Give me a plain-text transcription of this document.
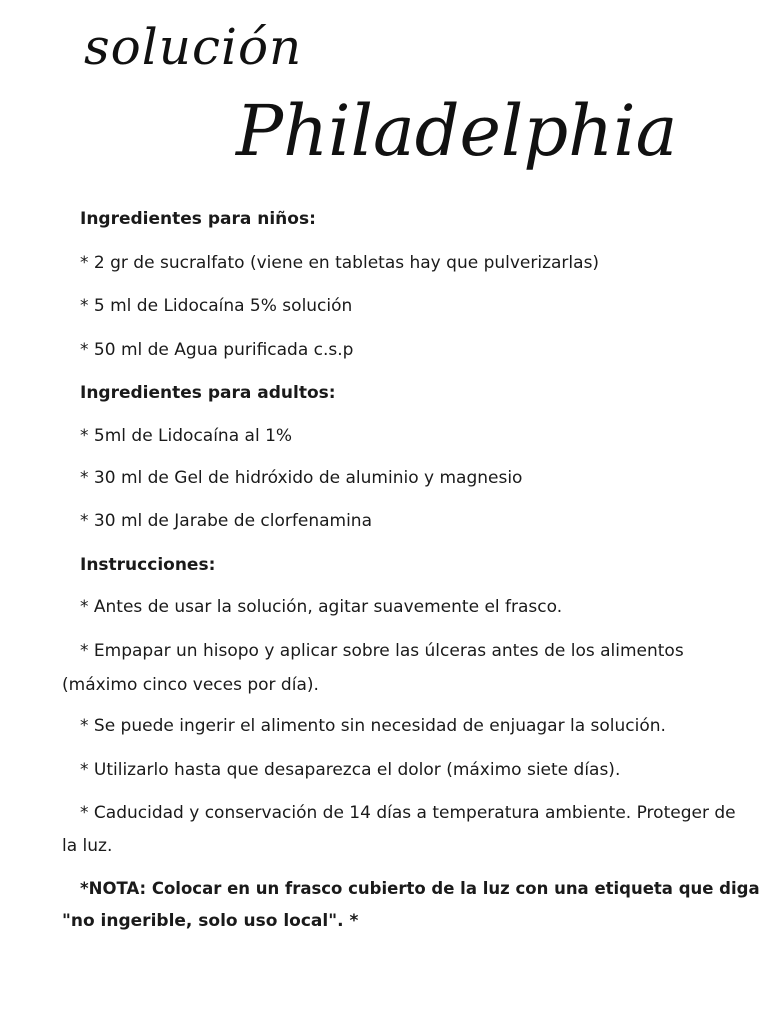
solución
Philadelphia
Ingredientes para niños:
* 2 gr de sucralfato (viene en tabletas hay que pulverizarlas)
* 5 ml de Lidocaína 5% solución
* 50 ml de Agua purificada c.s.p
Ingredientes para adultos:
* 5ml de Lidocaína al 1%
* 30 ml de Gel de hidróxido de aluminio y magnesio
* 30 ml de Jarabe de clorfenamina
Instrucciones:
* Antes de usar la solución, agitar suavemente el frasco.
* Empapar un hisopo y aplicar sobre las úlceras antes de los alimentos
(máximo cinco veces por día).
* Se puede ingerir el alimento sin necesidad de enjuagar la solución.
* Utilizarlo hasta que desaparezca el dolor (máximo siete días).
* Caducidad y conservación de 14 días a temperatura ambiente. Proteger de
la luz.
*NOTA: Colocar en un frasco cubierto de la luz con una etiqueta que diga
"no ingerible, solo uso local". *
